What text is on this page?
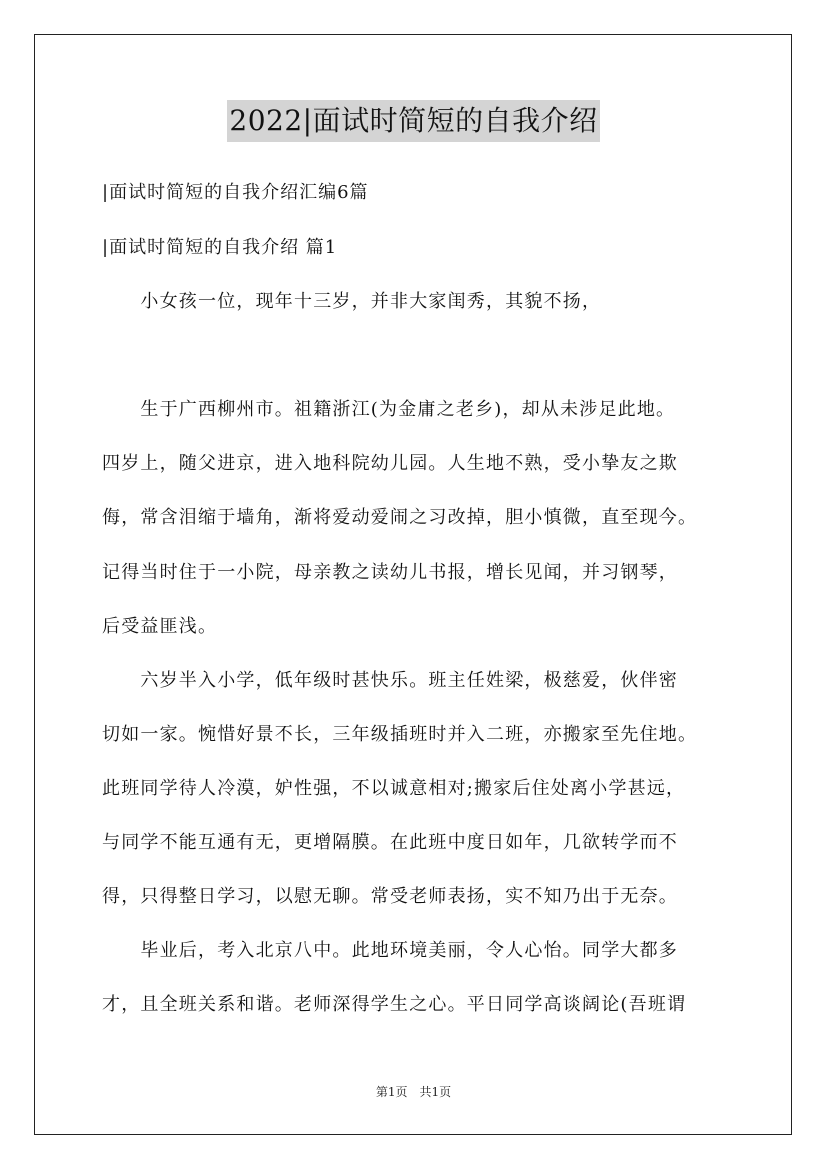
2022|面试时简短的自我介绍
|面试时简短的自我介绍汇编6篇
|面试时简短的自我介绍 篇1
　　小女孩一位，现年十三岁，并非大家闺秀，其貌不扬，
　　生于广西柳州市。祖籍浙江(为金庸之老乡)，却从未涉足此地。
四岁上，随父进京，进入地科院幼儿园。人生地不熟，受小挚友之欺
侮，常含泪缩于墙角，渐将爱动爱闹之习改掉，胆小慎微，直至现今。
记得当时住于一小院，母亲教之读幼儿书报，增长见闻，并习钢琴，
后受益匪浅。
　　六岁半入小学，低年级时甚快乐。班主任姓梁，极慈爱，伙伴密
切如一家。惋惜好景不长，三年级插班时并入二班，亦搬家至先住地。
此班同学待人冷漠，妒性强，不以诚意相对;搬家后住处离小学甚远，
与同学不能互通有无，更增隔膜。在此班中度日如年，几欲转学而不
得，只得整日学习，以慰无聊。常受老师表扬，实不知乃出于无奈。
　　毕业后，考入北京八中。此地环境美丽，令人心怡。同学大都多
才，且全班关系和谐。老师深得学生之心。平日同学高谈阔论(吾班谓
第1页　共1页
